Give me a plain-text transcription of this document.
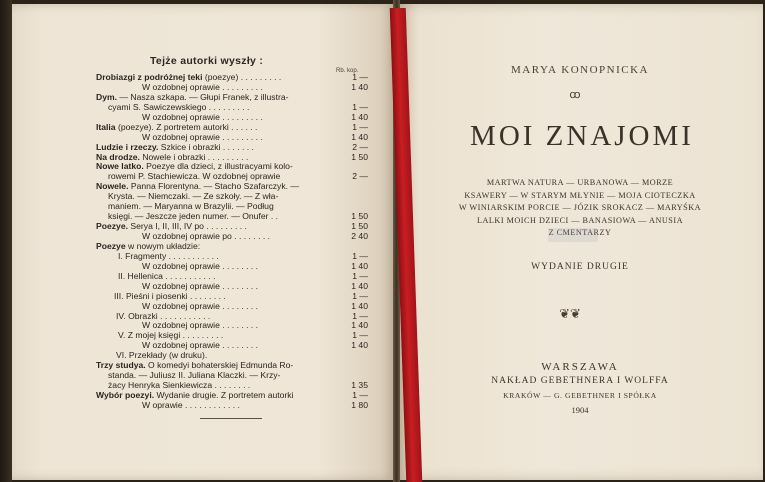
Tejże autorki wyszły :
Rb. kop.
Drobiazgi z podróżnej teki (poezye) . . . . . . . . .	1 —
W ozdobnej oprawie . . . . . . . . .	1 40
Dym. — Nasza szkapa. — Głupi Franek, z illustra-
cyami S. Sawiczewskiego . . . . . . . . .	1 —
W ozdobnej oprawie . . . . . . . . .	1 40
Italia (poezye). Z portretem autorki . . . . . .	1 —
W ozdobnej oprawie . . . . . . . . .	1 40
Ludzie i rzeczy. Szkice i obrazki . . . . . . .	2 —
Na drodze. Nowele i obrazki . . . . . . . . .	1 50
Nowe latko. Poezye dla dzieci, z illustracyami kolo-
rowemi P. Stachiewicza. W ozdobnej oprawie	2 —
Nowele. Panna Florentyna. — Stacho Szafarczyk. —
Krysta. — Niemczaki. — Ze szkoły. — Z wła-
maniem. — Maryanna w Brazylii. — Podług
księgi. — Jeszcze jeden numer. — Onufer . .	1 50
Poezye. Serya I, II, III, IV po . . . . . . . . .	1 50
W ozdobnej oprawie po . . . . . . . .	2 40
Poezye w nowym układzie:
I. Fragmenty . . . . . . . . . . .	1 —
W ozdobnej oprawie . . . . . . . .	1 40
II. Hellenica . . . . . . . . . . .	1 —
W ozdobnej oprawie . . . . . . . .	1 40
III. Pieśni i piosenki . . . . . . . .	1 —
W ozdobnej oprawie . . . . . . . .	1 40
IV. Obrazki . . . . . . . . . . .	1 —
W ozdobnej oprawie . . . . . . . .	1 40
V. Z mojej księgi . . . . . . . . .	1 —
W ozdobnej oprawie . . . . . . . .	1 40
VI. Przekłady (w druku).
Trzy studya. O komedyi bohaterskiej Edmunda Ro-
standa. — Juliusz II. Juliana Klaczki. — Krzy-
żacy Henryka Sienkiewicza . . . . . . . .	1 35
Wybór poezyi. Wydanie drugie. Z portretem autorki	1 —
W oprawie . . . . . . . . . . . .	1 80
MARYA KONOPNICKA
ꝏ
MOI ZNAJOMI
MARTWA NATURA — URBANOWA — MORZE
KSAWERY — W STARYM MŁYNIE — MOJA CIOTECZKA
W WINIARSKIM PORCIE — JÓZIK SROKACZ — MARYŚKA
LALKI MOICH DZIECI — BANASIOWA — ANUSIA
Z CMENTARZY
WYDANIE DRUGIE
❦❦
WARSZAWA
NAKŁAD GEBETHNERA I WOLFFA
KRAKÓW — G. GEBETHNER I SPÓŁKA
1904
